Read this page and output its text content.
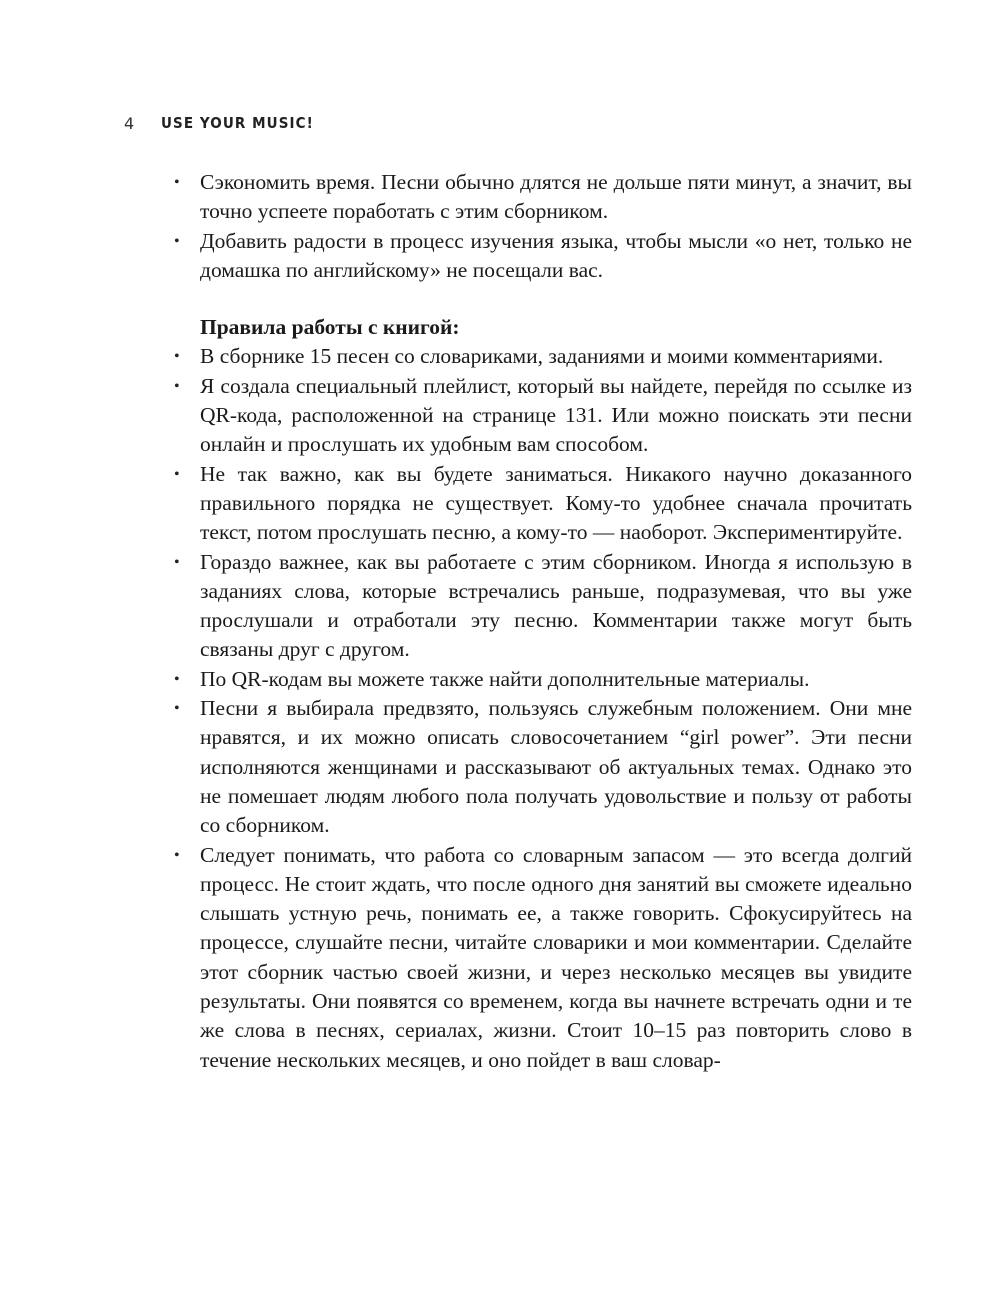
4 USE YOUR MUSIC!
• Сэкономить время. Песни обычно длятся не дольше пяти минут, а значит, вы точно успеете поработать с этим сборником.
• Добавить радости в процесс изучения языка, чтобы мысли «о нет, только не домашка по английскому» не посещали вас.

Правила работы с книгой:

• В сборнике 15 песен со словариками, заданиями и моими комментариями.
• Я создала специальный плейлист, который вы найдете, перейдя по ссылке из QR-кода, расположенной на странице 131. Или можно поискать эти песни онлайн и прослушать их удобным вам способом.
• Не так важно, как вы будете заниматься. Никакого научно доказанного правильного порядка не существует. Кому-то удобнее сначала прочитать текст, потом прослушать песню, а кому-то — наоборот. Экспериментируйте.
• Гораздо важнее, как вы работаете с этим сборником. Иногда я использую в заданиях слова, которые встречались раньше, подразумевая, что вы уже прослушали и отработали эту песню. Комментарии также могут быть связаны друг с другом.
• По QR-кодам вы можете также найти дополнительные материалы.
• Песни я выбирала предвзято, пользуясь служебным положением. Они мне нравятся, и их можно описать словосочетанием “girl power”. Эти песни исполняются женщинами и рассказывают об актуальных темах. Однако это не помешает людям любого пола получать удовольствие и пользу от работы со сборником.
• Следует понимать, что работа со словарным запасом — это всегда долгий процесс. Не стоит ждать, что после одного дня занятий вы сможете идеально слышать устную речь, понимать ее, а также говорить. Сфокусируйтесь на процессе, слушайте песни, читайте словарики и мои комментарии. Сделайте этот сборник частью своей жизни, и через несколько месяцев вы увидите результаты. Они появятся со временем, когда вы начнете встречать одни и те же слова в песнях, сериалах, жизни. Стоит 10–15 раз повторить слово в течение нескольких месяцев, и оно пойдет в ваш словар-
